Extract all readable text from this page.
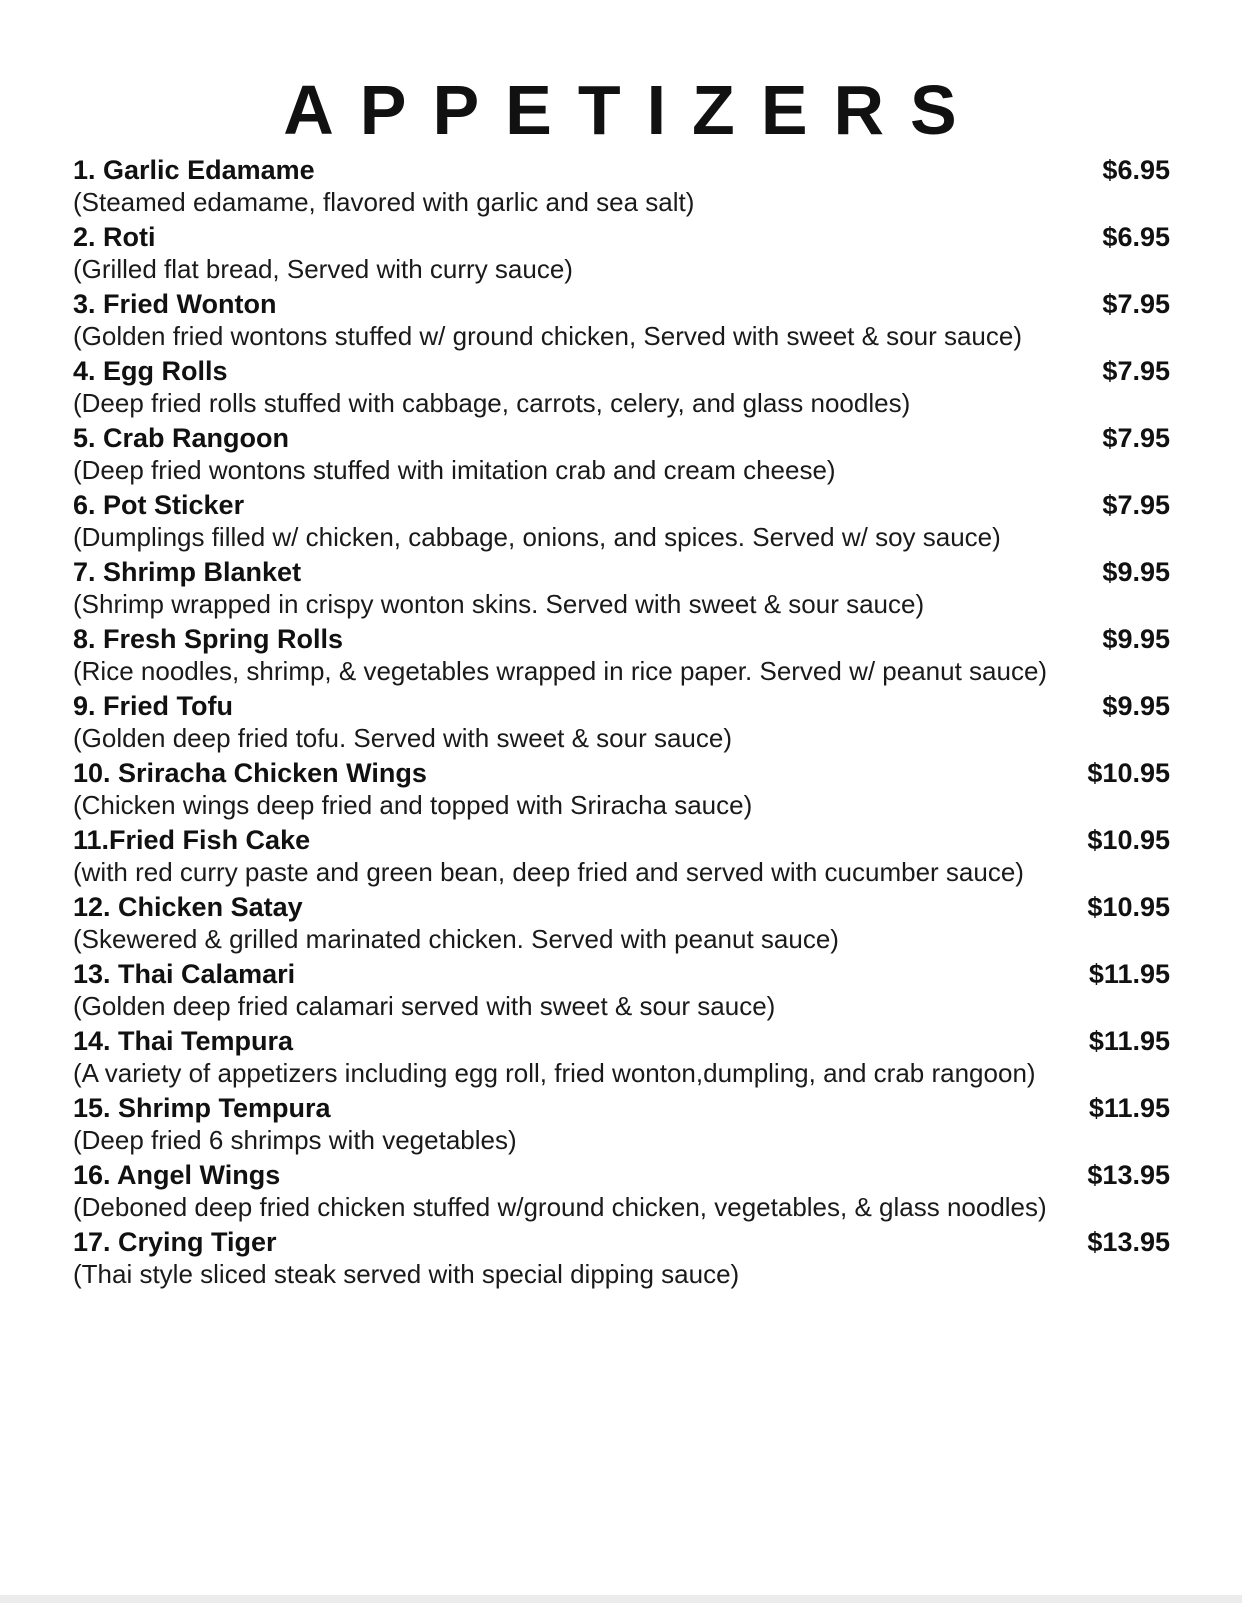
APPETIZERS
1. Garlic Edamame	$6.95
(Steamed edamame, flavored with garlic and sea salt)
2. Roti	$6.95
(Grilled flat bread, Served with curry sauce)
3. Fried Wonton	$7.95
(Golden fried wontons stuffed w/ ground chicken, Served with sweet & sour sauce)
4. Egg Rolls	$7.95
(Deep fried rolls stuffed with cabbage, carrots, celery, and glass noodles)
5. Crab Rangoon	$7.95
(Deep fried wontons stuffed with imitation crab and cream cheese)
6. Pot Sticker	$7.95
(Dumplings filled w/ chicken, cabbage, onions, and spices. Served w/ soy sauce)
7. Shrimp Blanket	$9.95
(Shrimp wrapped in crispy wonton skins. Served with sweet & sour sauce)
8. Fresh Spring Rolls	$9.95
(Rice noodles, shrimp, & vegetables wrapped in rice paper. Served w/ peanut sauce)
9. Fried Tofu	$9.95
(Golden deep fried tofu. Served with sweet & sour sauce)
10. Sriracha Chicken Wings	$10.95
(Chicken wings deep fried and topped with Sriracha sauce)
11.Fried Fish Cake	$10.95
(with red curry paste and green bean, deep fried and served with cucumber sauce)
12. Chicken Satay	$10.95
(Skewered & grilled marinated chicken. Served with peanut sauce)
13. Thai Calamari	$11.95
(Golden deep fried calamari served with sweet & sour sauce)
14. Thai Tempura	$11.95
(A variety of appetizers including egg roll, fried wonton,dumpling, and crab rangoon)
15. Shrimp Tempura	$11.95
(Deep fried 6 shrimps with vegetables)
16. Angel Wings	$13.95
(Deboned deep fried chicken stuffed w/ground chicken, vegetables, & glass noodles)
17. Crying Tiger	$13.95
(Thai style sliced steak served with special dipping sauce)
